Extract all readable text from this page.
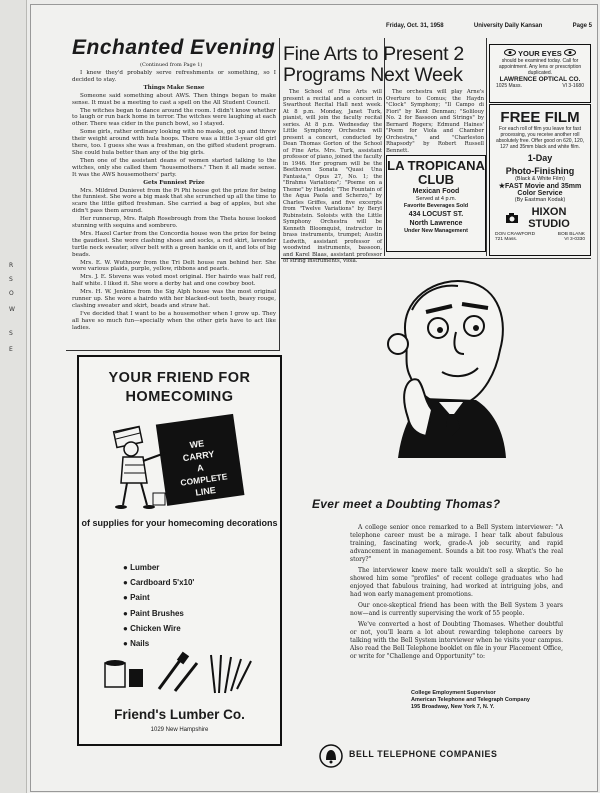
R
S
O
W
S
E
Friday, Oct. 31, 1958	University Daily Kansan	Page 5
Enchanted Evening
(Continued from Page 1)

I knew they'd probably serve refreshments or something, so I decided to stay.

Things Make Sense

Someone said something about AWS. Then things began to make sense. It must be a meeting to cast a spell on the All Student Council.

The witches began to dance around the room. I didn't know whether to laugh or run back home in terror. The witches were laughing at each other. There was cider in the punch bowl, so I stayed.

Some girls, rather ordinary looking with no masks, got up and threw their weight around with hula hoops. There was a little 3-year old girl there, too. I guess she was a freshman, on the gifted student program. She could hula better than any of the big girls.

Then one of the assistant deans of women started talking to the witches, only she called them "housemothers." Then it all made sense. It was the AWS housemothers' party.

Gets Funniest Prize

Mrs. Mildred Dunievet from the Pi Phi house got the prize for being the funniest. She wore a big mask that she scrunched up all the time to scare the little gifted freshman. She carried a bag of apples, but she didn't pass them around.

Her runnerup, Mrs. Ralph Rosebrough from the Theta house looked stunning with sequins and sombrero.

Mrs. Hazel Carter from the Concordia house won the prize for being the gaudiest. She wore clashing shoes and socks, a red skirt, lavender turtle neck sweater, silver belt with a green hankie on it, and lots of big beads.

Mrs. E. W. Wuthnow from the Tri Delt house ran behind her. She wore various plaids, purple, yellow, ribbons and pearls.

Mrs. J. E. Stevens was voted most original. Her hairdo was half red, half white. I liked it. She wore a derby hat and one cowboy boot.

Mrs. H. W. Jenkins from the Sig Alph house was the most original runner up. She wore a hairdo with her blacked-out teeth, beavy rouge, clashing sweater and skirt, beads and straw hat.

I've decided that I want to be a housemother when I grow up. They all have so much fun—specially when the other girls have to act like ladies.

Fine Arts to Present 2 Programs Next Week

The School of Fine Arts will present a recital and a concert in Swarthout Recital Hall next week. At 8 p.m. Monday, Janet Turk, pianist, will join the faculty recital series. At 8 p.m. Wednesday the Little Symphony Orchestra will present a concert, conducted by Dean Thomas Gorton of the School of Fine Arts. Mrs. Turk, assistant professor of piano, joined the faculty in 1946. Her program will be the Beethoven Sonata "Quasi Una Fantasia," Opus 27, No. 1; the "Brahms Variations"; "Poeme on a Theme" by Handel; "The Fountain of the Aqua Paola and Scherzo," by Charles Griffes, and five excerpts from "Twelve Variations" by Beryl Rubinstein. Soloists with the Little Symphony Orchestra will be Kenneth Bloomquist, instructor in brass instruments, trumpet; Austin Ledwith, assistant professor of woodwind instruments, bassoon, and Karel Blaas, assistant professor of string instruments, viola.

The orchestra will play Arne's Overture to Comus; the Haydn "Clock" Symphony; "Il Campo di Fiori" by Kent Denman; "Solilouy No. 2 for Bassoon and Strings" by Bernard Rogers; Edmund Haines' "Poem for Viola and Chamber Orchestra," and "Charleston Rhapsody" by Robert Russell Bennett.

LA TROPICANA CLUB
Mexican Food
Served at 4 p.m.
Favorite Beverages Sold
434 LOCUST ST.
North Lawrence
Under New Management
YOUR EYES
should be examined today. Call for appointment. Any lens or prescription duplicated.
LAWRENCE OPTICAL CO.
1025 Mass.	VI 3-1680
FREE FILM
For each roll of film you leave for fast processing, you receive another roll absolutely free. Offer good on 620, 120, 127 and 35mm black and white film.
1-Day
Photo-Finishing
(Black & White Film)
★FAST Movie and 35mm Color Service
(By Eastman Kodak)
HIXON STUDIO
DON CRAWFORD	BOB BLANK
721 Mass.	VI 3-0330
YOUR FRIEND FOR HOMECOMING
WE
CARRY
A
COMPLETE
LINE
of supplies for your homecoming decorations
● Lumber
● Cardboard 5'x10'
● Paint
● Paint Brushes
● Chicken Wire
● Nails
Friend's Lumber Co.
1029 New Hampshire
Ever meet a Doubting Thomas?

A college senior once remarked to a Bell System interviewer: "A telephone career must be a mirage. I hear talk about fabulous training, fascinating work, grade-A job security, and rapid advancement in management. Sounds a bit too rosy. What's the real story?"

The interviewer knew mere talk wouldn't sell a skeptic. So he showed him some "profiles" of recent college graduates who had enjoyed that fabulous training, had worked at intriguing jobs, and had won early management promotions.

Our once-skeptical friend has been with the Bell System 3 years now—and is currently supervising the work of 55 people.

We've converted a host of Doubting Thomases. Whether doubtful or not, you'll learn a lot about rewarding telephone careers by talking with the Bell System interviewer when he visits your campus. Also read the Bell Telephone booklet on file in your Placement Office, or write for "Challenge and Opportunity" to:

College Employment Supervisor
American Telephone and Telegraph Company
195 Broadway, New York 7, N. Y.
BELL TELEPHONE COMPANIES
